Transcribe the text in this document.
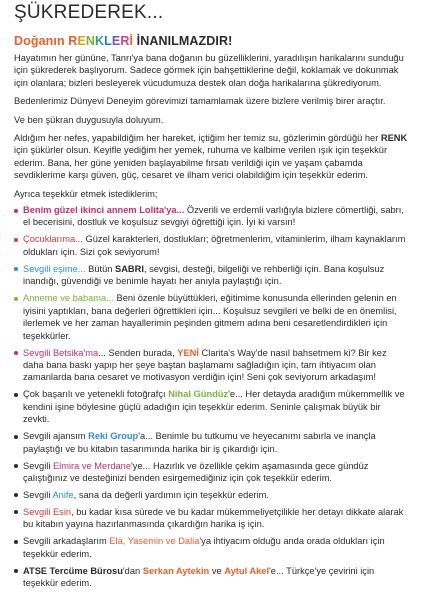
ŞÜKREDEREK...
Doğanın RENKLERİ İNANILMAZDIR!

Hayatımın her gününe, Tanrı'ya bana doğanın bu güzelliklerini, yaradılışın harikalarını sunduğu için şükrederek başlıyorum. Sadece görmek için bahşettiklerine değil, koklamak ve dokunmak için olanlara; bizleri besleyerek vücudumuza destek olan doğa harikalarına şükrediyorum.

Bedenlerimiz Dünyevi Deneyim görevimizi tamamlamak üzere bizlere verilmiş birer araçtır.

Ve ben şükran duygusuyla doluyum.

Aldığım her nefes, yapabildiğim her hareket, içtiğim her temiz su, gözlerimin gördüğü her RENK için şükürler olsun. Keyifle yediğim her yemek, ruhuma ve kalbime verilen ışık için teşekkür ederim. Bana, her güne yeniden başlayabilme fırsatı verildiği için ve yaşam çabamda sevdiklerime karşı güven, güç, cesaret ve ilham verici olabildiğim için teşekkür ederim.

Ayrıca teşekkür etmek istediklerim;

Benim güzel ikinci annem Lolita'ya... Özverili ve erdemli varlığıyla bizlere cömertliği, sabrı, el becerisini, dostluk ve koşulsuz sevgiyi öğrettiği için. İyi ki varsın!
Çocuklarıma... Güzel karakterleri, dostlukları; öğretmenlerim, vitaminlerim, ilham kaynaklarım oldukları için. Sizi çok seviyorum!
Sevgili eşime... Bütün SABRI, sevgisi, desteği, bilgeliği ve rehberliği için. Bana koşulsuz inandığı, güvendiği ve benimle hayatı her anıyla paylaştığı için.
Anneme ve babama... Beni özenle büyüttükleri, eğitimime konusunda ellerinden gelenin en iyisini yaptıkları, bana değerleri öğrettikleri için... Koşulsuz sevgileri ve belki de en önemlisi, ilerlemek ve her zaman hayallerimin peşinden gitmem adına beni cesaretlendirdikleri için teşekkürler.
Sevgili Betsika'ma... Senden burada, YENİ Clarita's Way'de nasıl bahsetmem ki? Bir kez daha bana baskı yapıp her şeye baştan başlamamı sağladığın için, tam ihtiyacım olan zamanlarda bana cesaret ve motivasyon verdiğin için! Seni çok seviyorum arkadaşım!
Çok başarılı ve yetenekli fotoğrafçı Nihal Gündüz'e... Her detayda aradığım mükemmellik ve kendini işine böylesine güçlü adadığın için teşekkür ederim. Seninle çalışmak büyük bir zevkti.
Sevgili ajansım Reki Group'a... Benimle bu tutkumu ve heyecanımı sabırla ve inançla paylaştığı ve bu kitabın tasarımında harika bir iş çıkardığı için.
Sevgili Elmira ve Merdane'ye... Hazırlık ve özellikle çekim aşamasında gece gündüz çalıştığınız ve desteğinizi benden esirgemediğiniz için çok teşekkür ederim.
Sevgili Anife, sana da değerli yardımın için teşekkür ederim.
Sevgili Esin, bu kadar kısa sürede ve bu kadar mükemmeliyetçilikle her detayı dikkate alarak bu kitabın yayına hazırlanmasında çıkardığın harika iş için.
Sevgili arkadaşlarım Ela, Yasemin ve Dalia'ya ihtiyacım olduğu anda orada oldukları için teşekkür ederim.
ATSE Tercüme Bürosu'dan Serkan Aytekin ve Aytul Akel'e... Türkçe'ye çevirini için teşekkür ederim.
